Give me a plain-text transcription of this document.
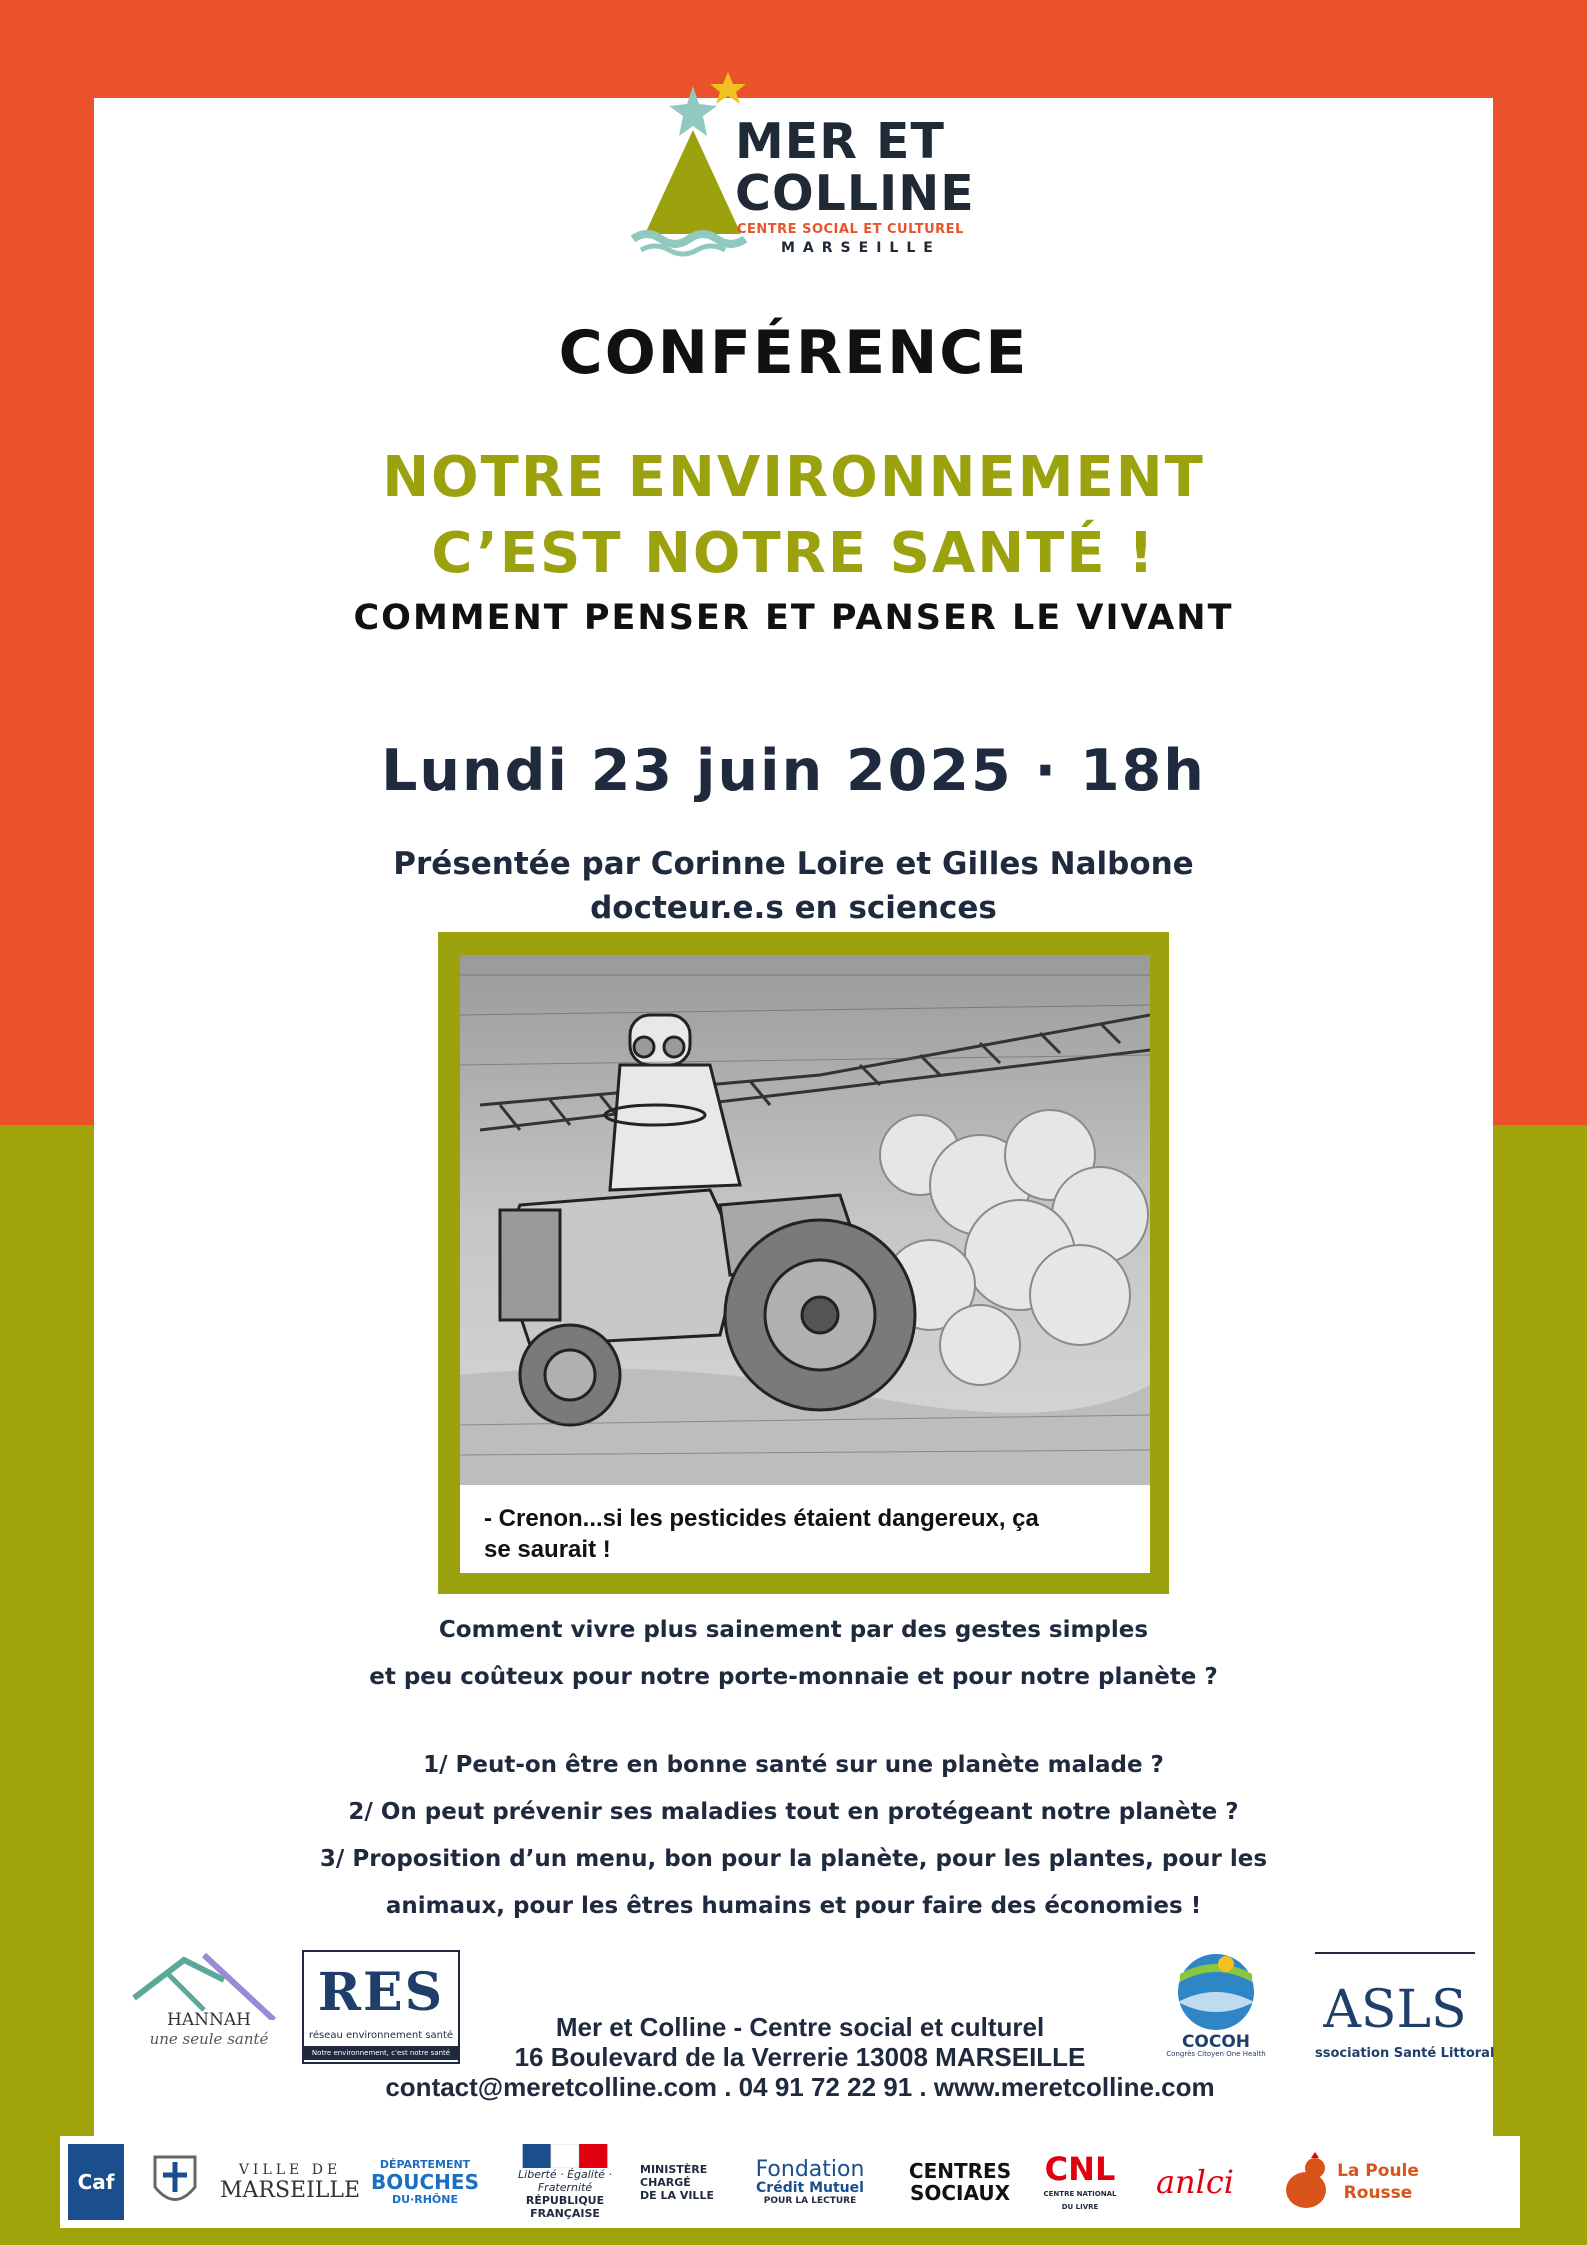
MER ET
COLLINE
CENTRE SOCIAL ET CULTUREL
MARSEILLE
CONFÉRENCE
NOTRE ENVIRONNEMENT
C’EST NOTRE SANTÉ !
COMMENT PENSER ET PANSER LE VIVANT
Lundi 23 juin 2025 · 18h
Présentée par Corinne Loire et Gilles Nalbone
docteur.e.s en sciences
- Crenon...si les pesticides étaient dangereux, ça
se saurait !
Comment vivre plus sainement par des gestes simples
et peu coûteux pour notre porte-monnaie et pour notre planète ?
1/ Peut-on être en bonne santé sur une planète malade ?
2/ On peut prévenir ses maladies tout en protégeant notre planète ?
3/ Proposition d’un menu, bon pour la planète, pour les plantes, pour les
animaux, pour les êtres humains et pour faire des économies !
HANNAH
une seule santé
RES
réseau environnement santé
Notre environnement, c'est notre santé
Mer et Colline - Centre social et culturel
16 Boulevard de la Verrerie 13008 MARSEILLE
contact@meretcolline.com . 04 91 72 22 91 . www.meretcolline.com
COCOH
Congrès Citoyen One Health
ASLS
ssociation Santé Littoral
Caf
VILLE DE
MARSEILLE
DÉPARTEMENT
BOUCHES
DU·RHÔNE
Liberté · Égalité · Fraternité
RÉPUBLIQUE FRANÇAISE
MINISTÈRE
CHARGÉ
DE LA VILLE
Fondation
Crédit Mutuel
POUR LA LECTURE
CENTRES
SOCIAUX
CNL
CENTRE NATIONAL DU LIVRE
anlci	La Poule
Rousse
